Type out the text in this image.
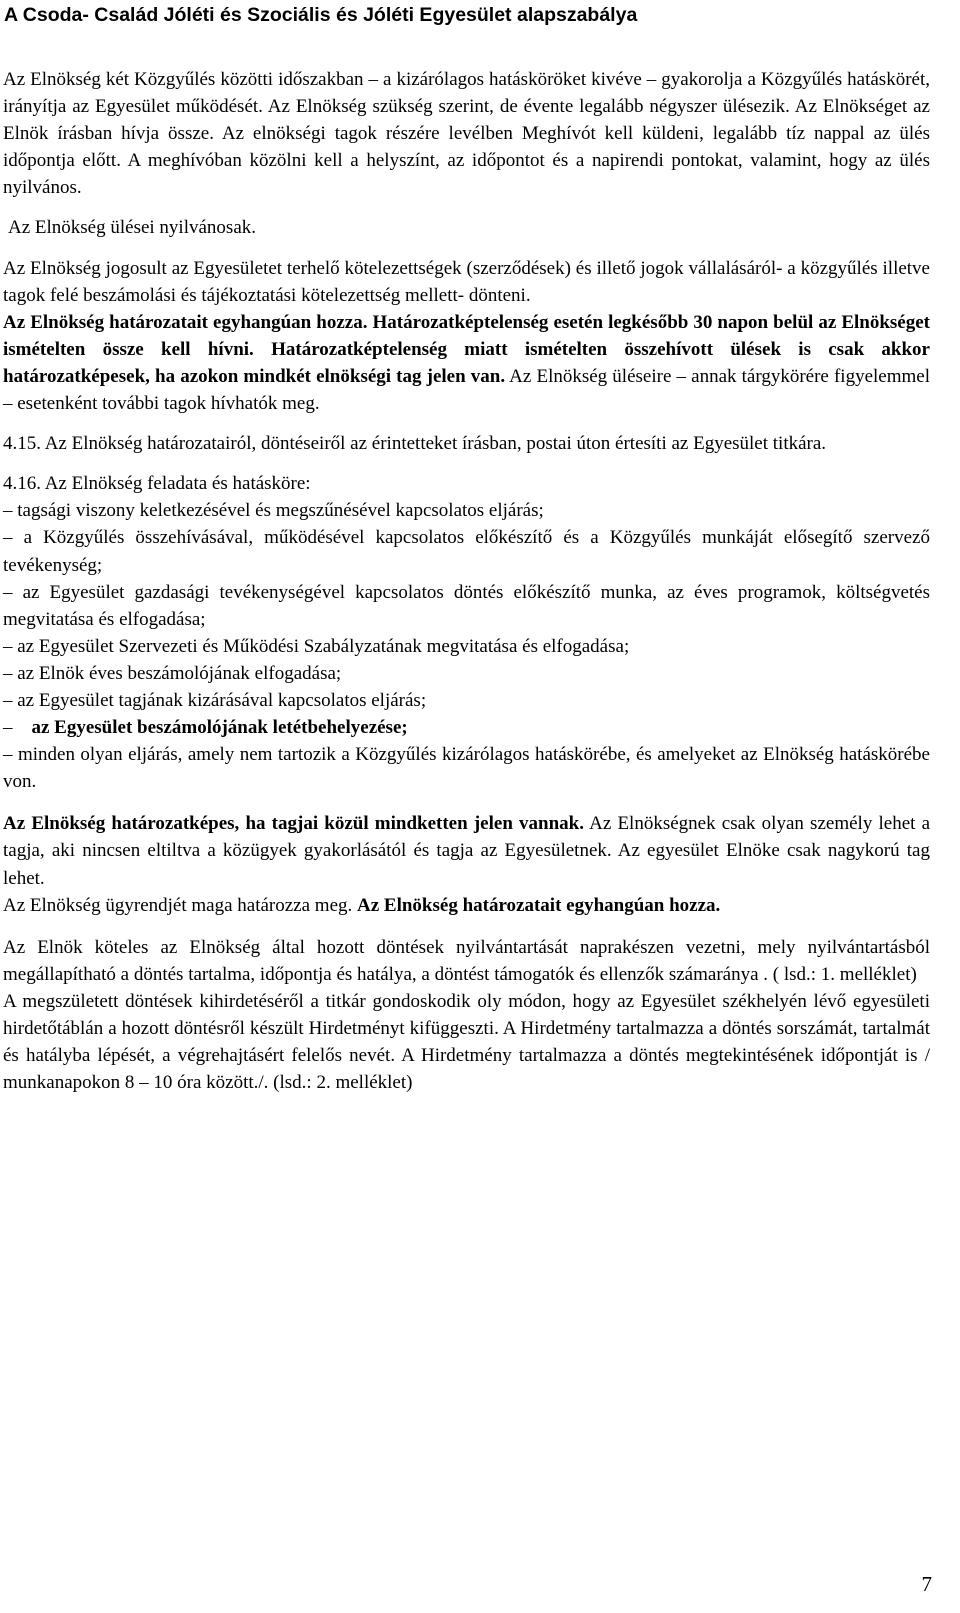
A Csoda- Család Jóléti és Szociális és Jóléti Egyesület alapszabálya

Az Elnökség két Közgyűlés közötti időszakban – a kizárólagos hatásköröket kivéve – gyakorolja a Közgyűlés hatáskörét, irányítja az Egyesület működését. Az Elnökség szükség szerint, de évente legalább négyszer ülésezik. Az Elnökséget az Elnök írásban hívja össze. Az elnökségi tagok részére levélben Meghívót kell küldeni, legalább tíz nappal az ülés időpontja előtt. A meghívóban közölni kell a helyszínt, az időpontot és a napirendi pontokat, valamint, hogy az ülés nyilvános.

Az Elnökség ülései nyilvánosak.

Az Elnökség jogosult az Egyesületet terhelő kötelezettségek (szerződések) és illető jogok vállalásáról- a közgyűlés illetve tagok felé beszámolási és tájékoztatási kötelezettség mellett- dönteni.

Az Elnökség határozatait egyhangúan hozza. Határozatképtelenség esetén legkésőbb 30 napon belül az Elnökséget ismételten össze kell hívni. Határozatképtelenség miatt ismételten összehívott ülések is csak akkor határozatképesek, ha azokon mindkét elnökségi tag jelen van. Az Elnökség üléseire – annak tárgykörére figyelemmel – esetenként további tagok hívhatók meg.

4.15. Az Elnökség határozatairól, döntéseiről az érintetteket írásban, postai úton értesíti az Egyesület titkára.

4.16. Az Elnökség feladata és hatásköre:

– tagsági viszony keletkezésével és megszűnésével kapcsolatos eljárás;

– a Közgyűlés összehívásával, működésével kapcsolatos előkészítő és a Közgyűlés munkáját elősegítő szervező tevékenység;

– az Egyesület gazdasági tevékenységével kapcsolatos döntés előkészítő munka, az éves programok, költségvetés megvitatása és elfogadása;

– az Egyesület Szervezeti és Működési Szabályzatának megvitatása és elfogadása;

– az Elnök éves beszámolójának elfogadása;

– az Egyesület tagjának kizárásával kapcsolatos eljárás;

–    az Egyesület beszámolójának letétbehelyezése;

– minden olyan eljárás, amely nem tartozik a Közgyűlés kizárólagos hatáskörébe, és amelyeket az Elnökség hatáskörébe von.

Az Elnökség határozatképes, ha tagjai közül mindketten jelen vannak. Az Elnökségnek csak olyan személy lehet a tagja, aki nincsen eltiltva a közügyek gyakorlásától és tagja az Egyesületnek. Az egyesület Elnöke csak nagykorú tag lehet.

Az Elnökség ügyrendjét maga határozza meg. Az Elnökség határozatait egyhangúan hozza.

Az Elnök köteles az Elnökség által hozott döntések nyilvántartását naprakészen vezetni, mely nyilvántartásból megállapítható a döntés tartalma, időpontja és hatálya, a döntést támogatók és ellenzők számaránya . ( lsd.: 1. melléklet)

A megszületett döntések kihirdetéséről a titkár gondoskodik oly módon, hogy az Egyesület székhelyén lévő egyesületi hirdetőtáblán a hozott döntésről készült Hirdetményt kifüggeszti. A Hirdetmény tartalmazza a döntés sorszámát, tartalmát és hatályba lépését, a végrehajtásért felelős nevét. A Hirdetmény tartalmazza a döntés megtekintésének időpontját is / munkanapokon 8 – 10 óra között./. (lsd.: 2. melléklet)

7
